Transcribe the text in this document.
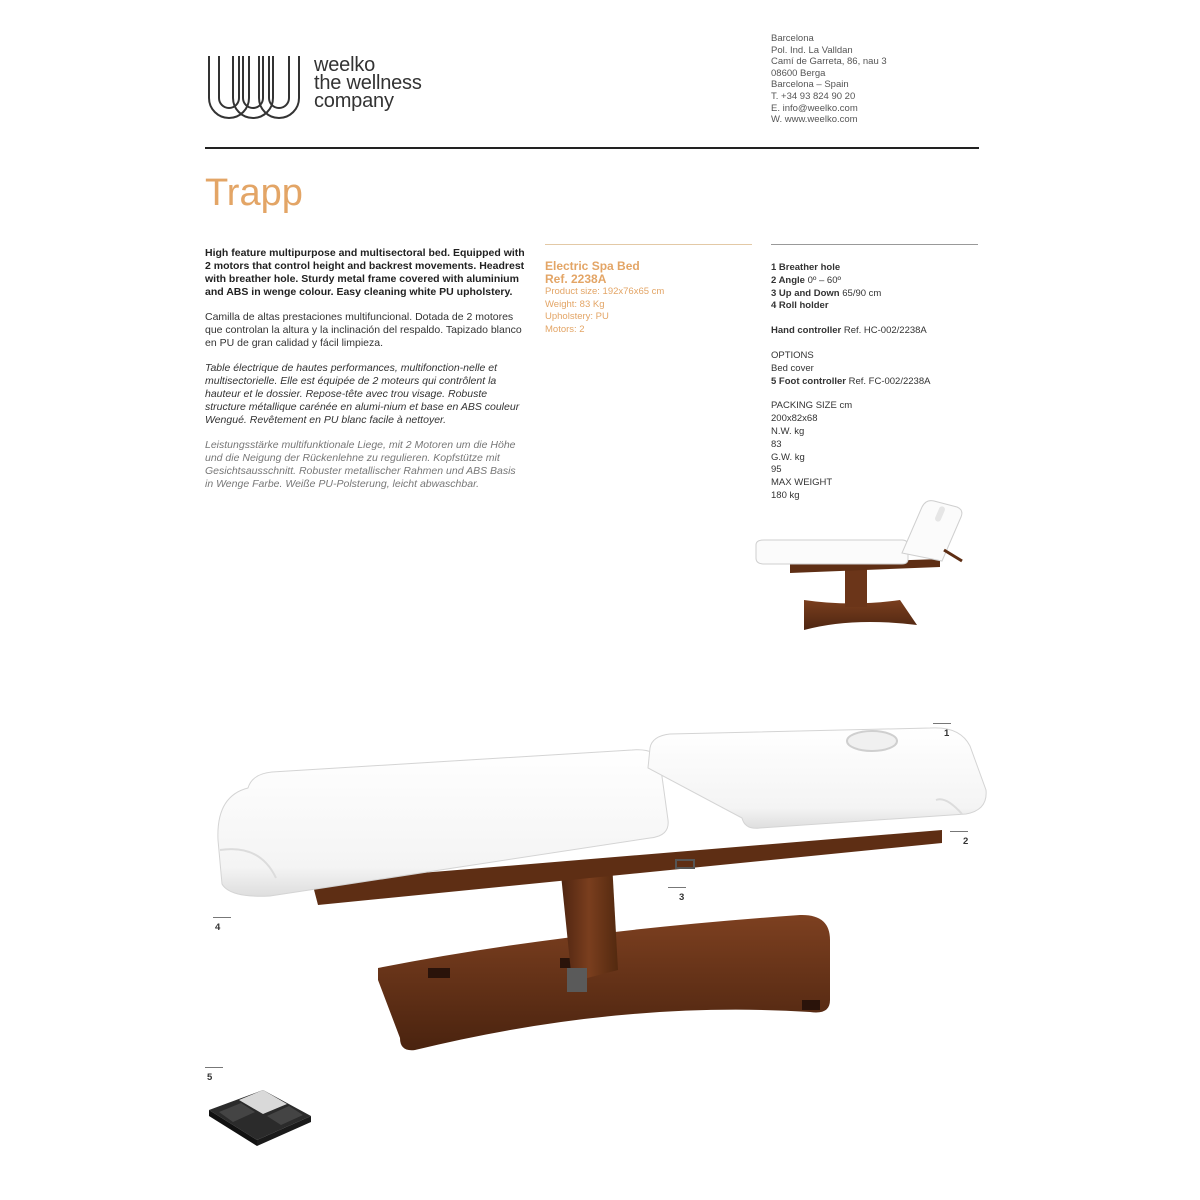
weelko
the wellness
company
Barcelona
Pol. Ind. La Valldan
Camí de Garreta, 86, nau 3
08600 Berga
Barcelona – Spain
T. +34 93 824 90 20
E. info@weelko.com
W. www.weelko.com
Trapp

High feature multipurpose and multisectoral bed. Equipped with 2 motors that control height and backrest movements. Headrest with breather hole. Sturdy metal frame covered with aluminium and ABS in wenge colour. Easy cleaning white PU upholstery.

Camilla de altas prestaciones multifuncional. Dotada de 2 motores que controlan la altura y la inclinación del respaldo. Tapizado blanco en PU de gran calidad y fácil limpieza.

Table électrique de hautes performances, multifonction-nelle et multisectorielle. Elle est équipée de 2 moteurs qui contrôlent la hauteur et le dossier. Repose-tête avec trou visage. Robuste structure métallique carénée en alumi-nium et base en ABS couleur Wengué. Revêtement en PU blanc facile à nettoyer.

Leistungsstärke multifunktionale Liege, mit 2 Motoren um die Höhe und die Neigung der Rückenlehne zu regulieren. Kopfstütze mit Gesichtsausschnitt. Robuster metallischer Rahmen und ABS Basis in Wenge Farbe. Weiße PU-Polsterung, leicht abwaschbar.

Electric Spa Bed
Ref. 2238A
Product size: 192x76x65 cm
Weight: 83 Kg
Upholstery: PU
Motors: 2
1 Breather hole
2 Angle 0º – 60º
3 Up and Down 65/90 cm
4 Roll holder
Hand controller Ref. HC-002/2238A
OPTIONS
Bed cover
5 Foot controller Ref. FC-002/2238A
PACKING SIZE cm
200x82x68
N.W. kg
83
G.W. kg
95
MAX WEIGHT
180 kg
1
2
3
4
5
